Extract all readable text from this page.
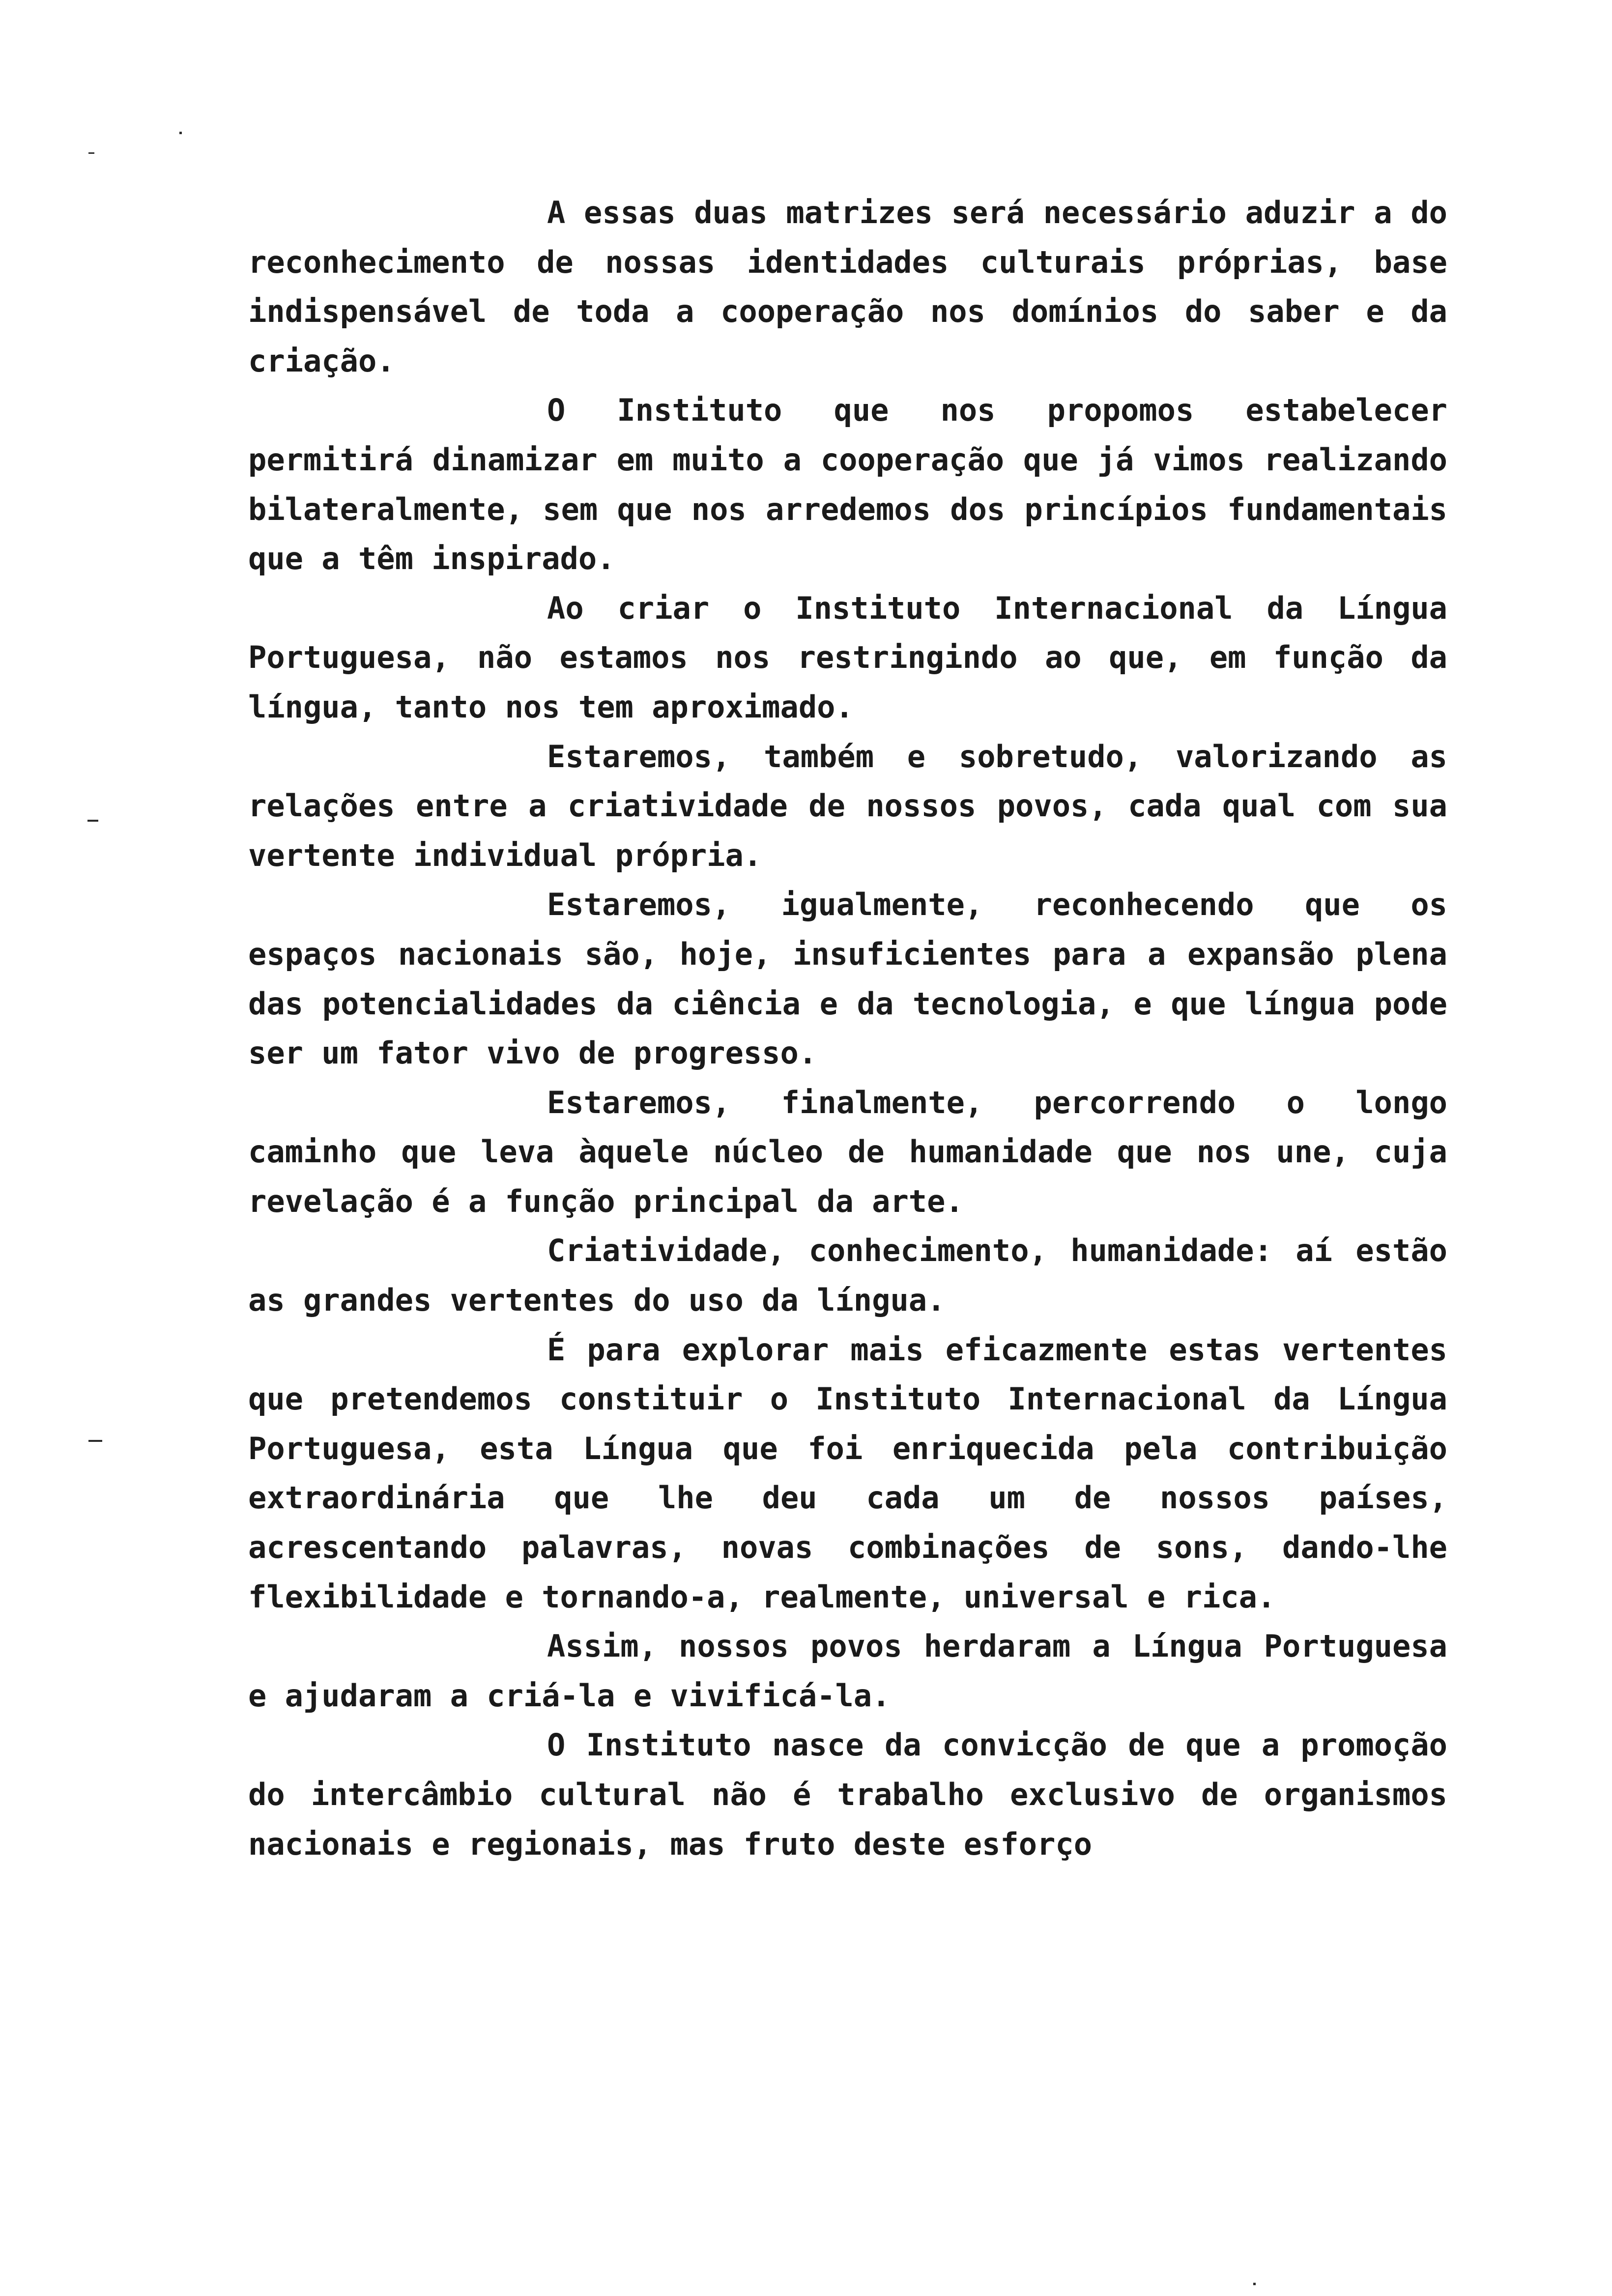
A essas duas matrizes será necessário aduzir a do reconhecimento de nossas identidades culturais próprias, base indispensável de toda a cooperação nos domínios do saber e da criação.

O Instituto que nos propomos estabelecer permitirá dinamizar em muito a cooperação que já vimos realizando bilateralmente, sem que nos arredemos dos princípios fundamentais que a têm inspirado.

Ao criar o Instituto Internacional da Língua Portuguesa, não estamos nos restringindo ao que, em função da língua, tanto nos tem aproximado.

Estaremos, também e sobretudo, valorizando as relações entre a criatividade de nossos povos, cada qual com sua vertente individual própria.

Estaremos, igualmente, reconhecendo que os espaços nacionais são, hoje, insuficientes para a expansão plena das potencialidades da ciência e da tecnologia, e que língua pode ser um fator vivo de progresso.

Estaremos, finalmente, percorrendo o longo caminho que leva àquele núcleo de humanidade que nos une, cuja revelação é a função principal da arte.

Criatividade, conhecimento, humanidade: aí estão as grandes vertentes do uso da língua.

É para explorar mais eficazmente estas vertentes que pretendemos constituir o Instituto Internacional da Língua Portuguesa, esta Língua que foi enriquecida pela contribuição extraordinária que lhe deu cada um de nossos países, acrescentando palavras, novas combinações de sons, dando-lhe flexibilidade e tornando-a, realmente, universal e rica.

Assim, nossos povos herdaram a Língua Portuguesa e ajudaram a criá-la e vivificá-la.

O Instituto nasce da convicção de que a promoção do intercâmbio cultural não é trabalho exclusivo de organismos nacionais e regionais, mas fruto deste esforço
